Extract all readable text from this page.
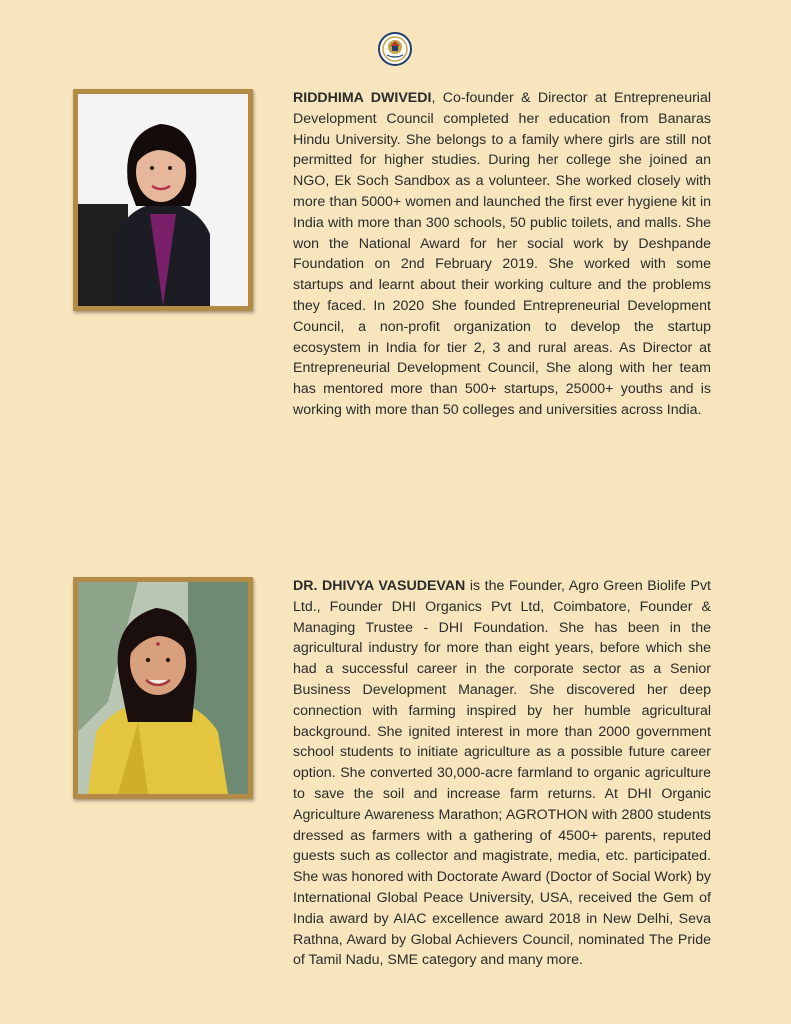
RIDDHIMA DWIVEDI, Co-founder & Director at Entrepreneurial Development Council completed her education from Banaras Hindu University. She belongs to a family where girls are still not permitted for higher studies. During her college she joined an NGO, Ek Soch Sandbox as a volunteer. She worked closely with more than 5000+ women and launched the first ever hygiene kit in India with more than 300 schools, 50 public toilets, and malls. She won the National Award for her social work by Deshpande Foundation on 2nd February 2019. She worked with some startups and learnt about their working culture and the problems they faced. In 2020 She founded Entrepreneurial Development Council, a non-profit organization to develop the startup ecosystem in India for tier 2, 3 and rural areas. As Director at Entrepreneurial Development Council, She along with her team has mentored more than 500+ startups, 25000+ youths and is working with more than 50 colleges and universities across India.

DR. DHIVYA VASUDEVAN is the Founder, Agro Green Biolife Pvt Ltd., Founder DHI Organics Pvt Ltd, Coimbatore, Founder & Managing Trustee - DHI Foundation. She has been in the agricultural industry for more than eight years, before which she had a successful career in the corporate sector as a Senior Business Development Manager. She discovered her deep connection with farming inspired by her humble agricultural background. She ignited interest in more than 2000 government school students to initiate agriculture as a possible future career option. She converted 30,000-acre farmland to organic agriculture to save the soil and increase farm returns. At DHI Organic Agriculture Awareness Marathon; AGROTHON with 2800 students dressed as farmers with a gathering of 4500+ parents, reputed guests such as collector and magistrate, media, etc. participated. She was honored with Doctorate Award (Doctor of Social Work) by International Global Peace University, USA, received the Gem of India award by AIAC excellence award 2018 in New Delhi, Seva Rathna, Award by Global Achievers Council, nominated The Pride of Tamil Nadu, SME category and many more.
